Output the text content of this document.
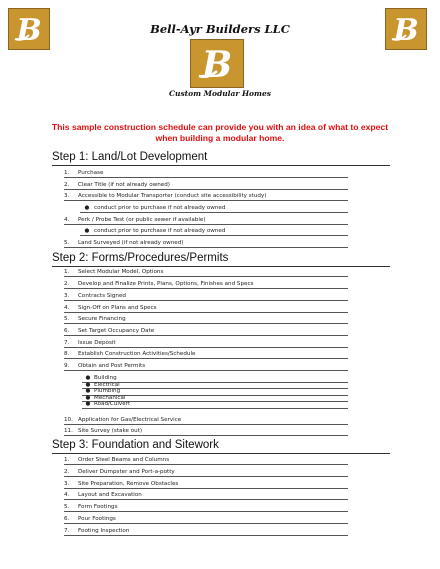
B	B
Bell-Ayr Builders LLC
B
Custom Modular Homes
This sample construction schedule can provide you with an idea of what to expect when building a modular home.
Step 1: Land/Lot Development
1. Purchase
2. Clear Title (if not already owned)
3. Accessible to Modular Transporter (conduct site accessibility study)
● conduct prior to purchase if not already owned
4. Perk / Probe Test (or public sewer if available)
● conduct prior to purchase if not already owned
5. Land Surveyed (if not already owned)
Step 2: Forms/Procedures/Permits
1. Select Modular Model, Options
2. Develop and Finalize Prints, Plans, Options, Finishes and Specs
3. Contracts Signed
4. Sign-Off on Plans and Specs
5. Secure Financing
6. Set Target Occupancy Date
7. Issue Deposit
8. Establish Construction Activities/Schedule
9. Obtain and Post Permits
● Building
● Electrical
● Plumbing
● Mechanical
● Road/Culvert
10. Application for Gas/Electrical Service
11. Site Survey (stake out)
Step 3: Foundation and Sitework
1. Order Steel Beams and Columns
2. Deliver Dumpster and Port-a-potty
3. Site Preparation, Remove Obstacles
4. Layout and Excavation
5. Form Footings
6. Pour Footings
7. Footing Inspection
